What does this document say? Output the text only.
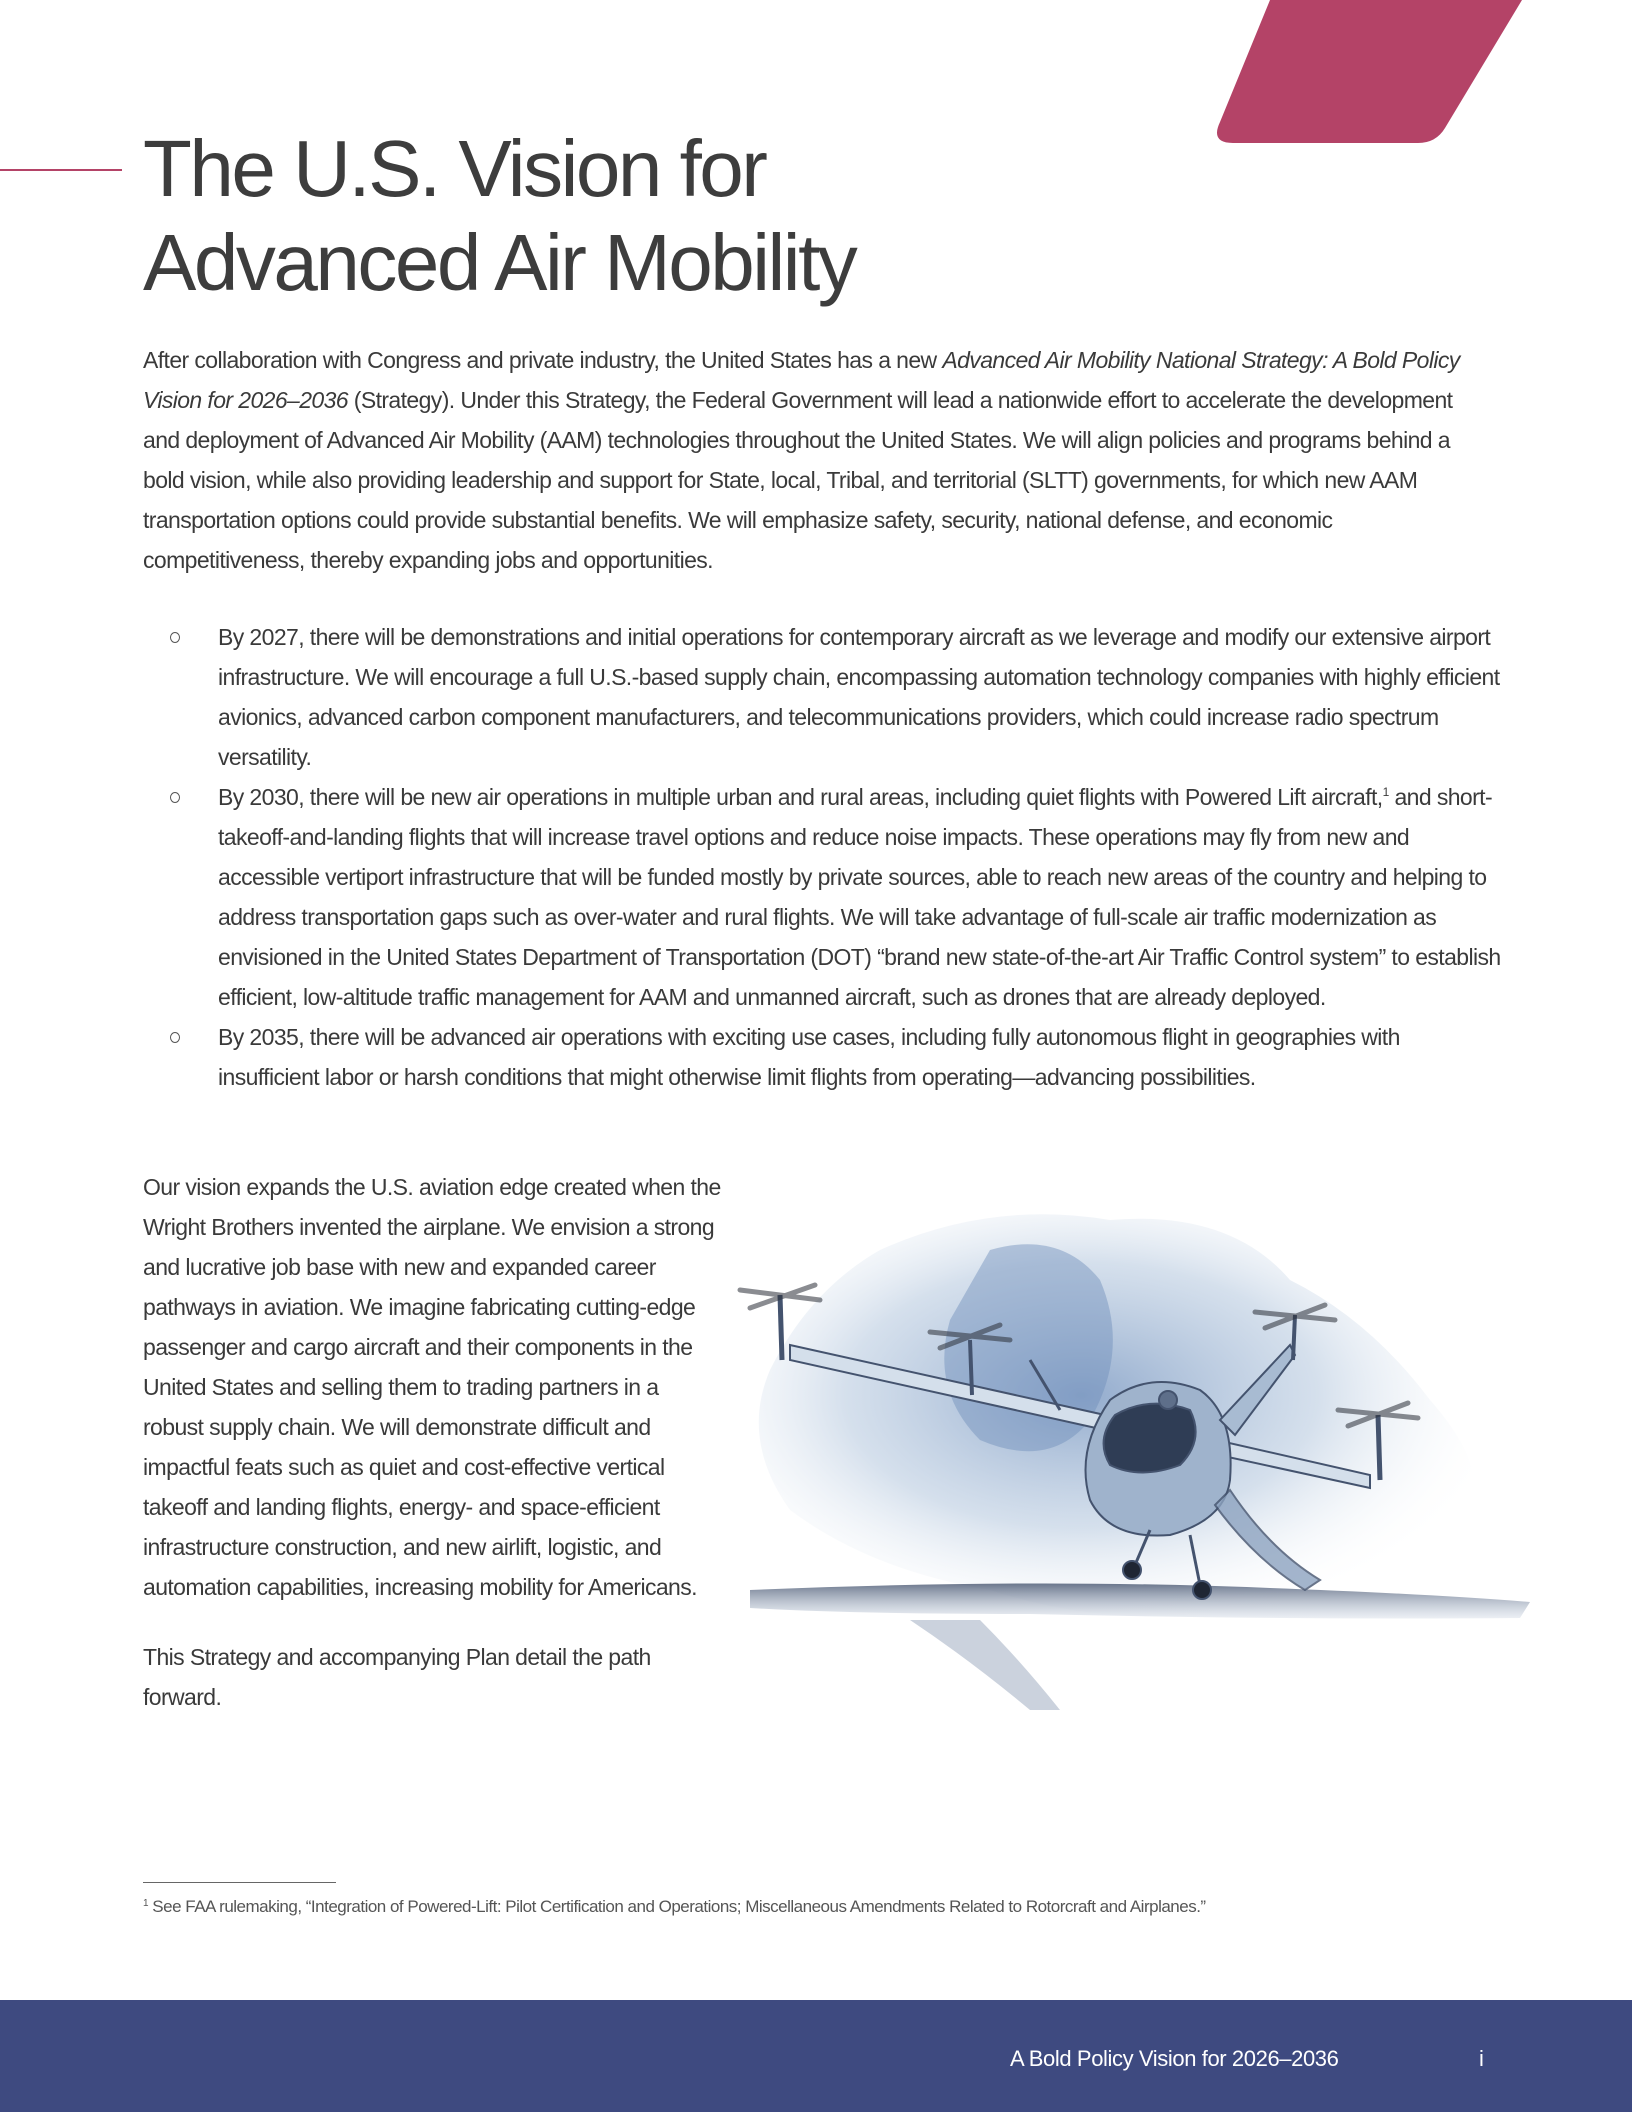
The U.S. Vision for
Advanced Air Mobility

After collaboration with Congress and private industry, the United States has a new Advanced Air Mobility National Strategy: A Bold Policy Vision for 2026–2036 (Strategy). Under this Strategy, the Federal Government will lead a nationwide effort to accelerate the development and deployment of Advanced Air Mobility (AAM) technologies throughout the United States. We will align policies and programs behind a bold vision, while also providing leadership and support for State, local, Tribal, and territorial (SLTT) governments, for which new AAM transportation options could provide substantial benefits. We will emphasize safety, security, national defense, and economic competitiveness, thereby expanding jobs and opportunities.

By 2027, there will be demonstrations and initial operations for contemporary aircraft as we leverage and modify our extensive airport infrastructure. We will encourage a full U.S.-based supply chain, encompassing automation technology companies with highly efficient avionics, advanced carbon component manufacturers, and telecommunications providers, which could increase radio spectrum versatility.
By 2030, there will be new air operations in multiple urban and rural areas, including quiet flights with Powered Lift aircraft,$^1$ and short-takeoff-and-landing flights that will increase travel options and reduce noise impacts. These operations may fly from new and accessible vertiport infrastructure that will be funded mostly by private sources, able to reach new areas of the country and helping to address transportation gaps such as over-water and rural flights. We will take advantage of full-scale air traffic modernization as envisioned in the United States Department of Transportation (DOT) “brand new state-of-the-art Air Traffic Control system” to establish efficient, low-altitude traffic management for AAM and unmanned aircraft, such as drones that are already deployed.
By 2035, there will be advanced air operations with exciting use cases, including fully autonomous flight in geographies with insufficient labor or harsh conditions that might otherwise limit flights from operating—advancing possibilities.

Our vision expands the U.S. aviation edge created when the Wright Brothers invented the airplane. We envision a strong and lucrative job base with new and expanded career pathways in aviation. We imagine fabricating cutting-edge passenger and cargo aircraft and their components in the United States and selling them to trading partners in a robust supply chain. We will demonstrate difficult and impactful feats such as quiet and cost-effective vertical takeoff and landing flights, energy- and space-efficient infrastructure construction, and new airlift, logistic, and automation capabilities, increasing mobility for Americans.

This Strategy and accompanying Plan detail the path forward.

$^1$ See FAA rulemaking, “Integration of Powered-Lift: Pilot Certification and Operations; Miscellaneous Amendments Related to Rotorcraft and Airplanes.”
A Bold Policy Vision for 2026–2036	i
